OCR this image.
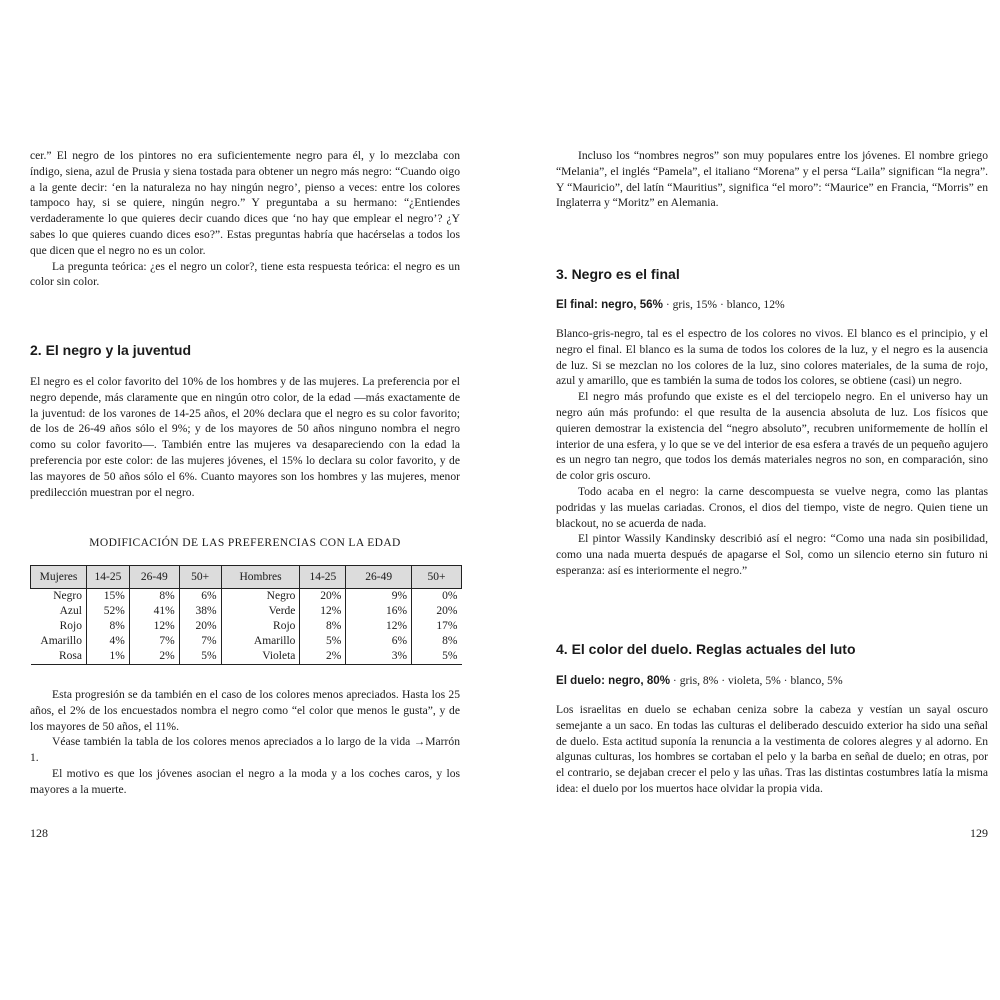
cer.” El negro de los pintores no era suficientemente negro para él, y lo mezclaba con índigo, siena, azul de Prusia y siena tostada para obtener un negro más negro: “Cuando oigo a la gente decir: ‘en la naturaleza no hay ningún negro’, pienso a veces: entre los colores tampoco hay, si se quiere, ningún negro.” Y preguntaba a su hermano: “¿Entiendes verdaderamente lo que quieres decir cuando dices que ‘no hay que emplear el negro’? ¿Y sabes lo que quieres cuando dices eso?”. Estas preguntas habría que hacérselas a todos los que dicen que el negro no es un color.

La pregunta teórica: ¿es el negro un color?, tiene esta respuesta teórica: el negro es un color sin color.

2. El negro y la juventud

El negro es el color favorito del 10% de los hombres y de las mujeres. La preferencia por el negro depende, más claramente que en ningún otro color, de la edad —más exactamente de la juventud: de los varones de 14-25 años, el 20% declara que el negro es su color favorito; de los de 26-49 años sólo el 9%; y de los mayores de 50 años ninguno nombra el negro como su color favorito—. También entre las mujeres va desapareciendo con la edad la preferencia por este color: de las mujeres jóvenes, el 15% lo declara su color favorito, y de las mayores de 50 años sólo el 6%. Cuanto mayores son los hombres y las mujeres, menor predilección muestran por el negro.

MODIFICACIÓN DE LAS PREFERENCIAS CON LA EDAD
Mujeres	14-25	26-49	50+	Hombres	14-25	26-49	50+
Negro	15%	8%	6%	Negro	20%	9%	0%
Azul	52%	41%	38%	Verde	12%	16%	20%
Rojo	8%	12%	20%	Rojo	8%	12%	17%
Amarillo	4%	7%	7%	Amarillo	5%	6%	8%
Rosa	1%	2%	5%	Violeta	2%	3%	5%

Esta progresión se da también en el caso de los colores menos apreciados. Hasta los 25 años, el 2% de los encuestados nombra el negro como “el color que menos le gusta”, y de los mayores de 50 años, el 11%.

Véase también la tabla de los colores menos apreciados a lo largo de la vida →Marrón 1.

El motivo es que los jóvenes asocian el negro a la moda y a los coches caros, y los mayores a la muerte.

128

Incluso los “nombres negros” son muy populares entre los jóvenes. El nombre griego “Melania”, el inglés “Pamela”, el italiano “Morena” y el persa “Laila” significan “la negra”. Y “Mauricio”, del latín “Mauritius”, significa “el moro”: “Maurice” en Francia, “Morris” en Inglaterra y “Moritz” en Alemania.

3. Negro es el final
El final: negro, 56% · gris, 15% · blanco, 12%

Blanco-gris-negro, tal es el espectro de los colores no vivos. El blanco es el principio, y el negro el final. El blanco es la suma de todos los colores de la luz, y el negro es la ausencia de luz. Si se mezclan no los colores de la luz, sino colores materiales, de la suma de rojo, azul y amarillo, que es también la suma de todos los colores, se obtiene (casi) un negro.

El negro más profundo que existe es el del terciopelo negro. En el universo hay un negro aún más profundo: el que resulta de la ausencia absoluta de luz. Los físicos que quieren demostrar la existencia del “negro absoluto”, recubren uniformemente de hollín el interior de una esfera, y lo que se ve del interior de esa esfera a través de un pequeño agujero es un negro tan negro, que todos los demás materiales negros no son, en comparación, sino de color gris oscuro.

Todo acaba en el negro: la carne descompuesta se vuelve negra, como las plantas podridas y las muelas cariadas. Cronos, el dios del tiempo, viste de negro. Quien tiene un blackout, no se acuerda de nada.

El pintor Wassily Kandinsky describió así el negro: “Como una nada sin posibilidad, como una nada muerta después de apagarse el Sol, como un silencio eterno sin futuro ni esperanza: así es interiormente el negro.”

4. El color del duelo. Reglas actuales del luto
El duelo: negro, 80% · gris, 8% · violeta, 5% · blanco, 5%

Los israelitas en duelo se echaban ceniza sobre la cabeza y vestían un sayal oscuro semejante a un saco. En todas las culturas el deliberado descuido exterior ha sido una señal de duelo. Esta actitud suponía la renuncia a la vestimenta de colores alegres y al adorno. En algunas culturas, los hombres se cortaban el pelo y la barba en señal de duelo; en otras, por el contrario, se dejaban crecer el pelo y las uñas. Tras las distintas costumbres latía la misma idea: el duelo por los muertos hace olvidar la propia vida.

129
